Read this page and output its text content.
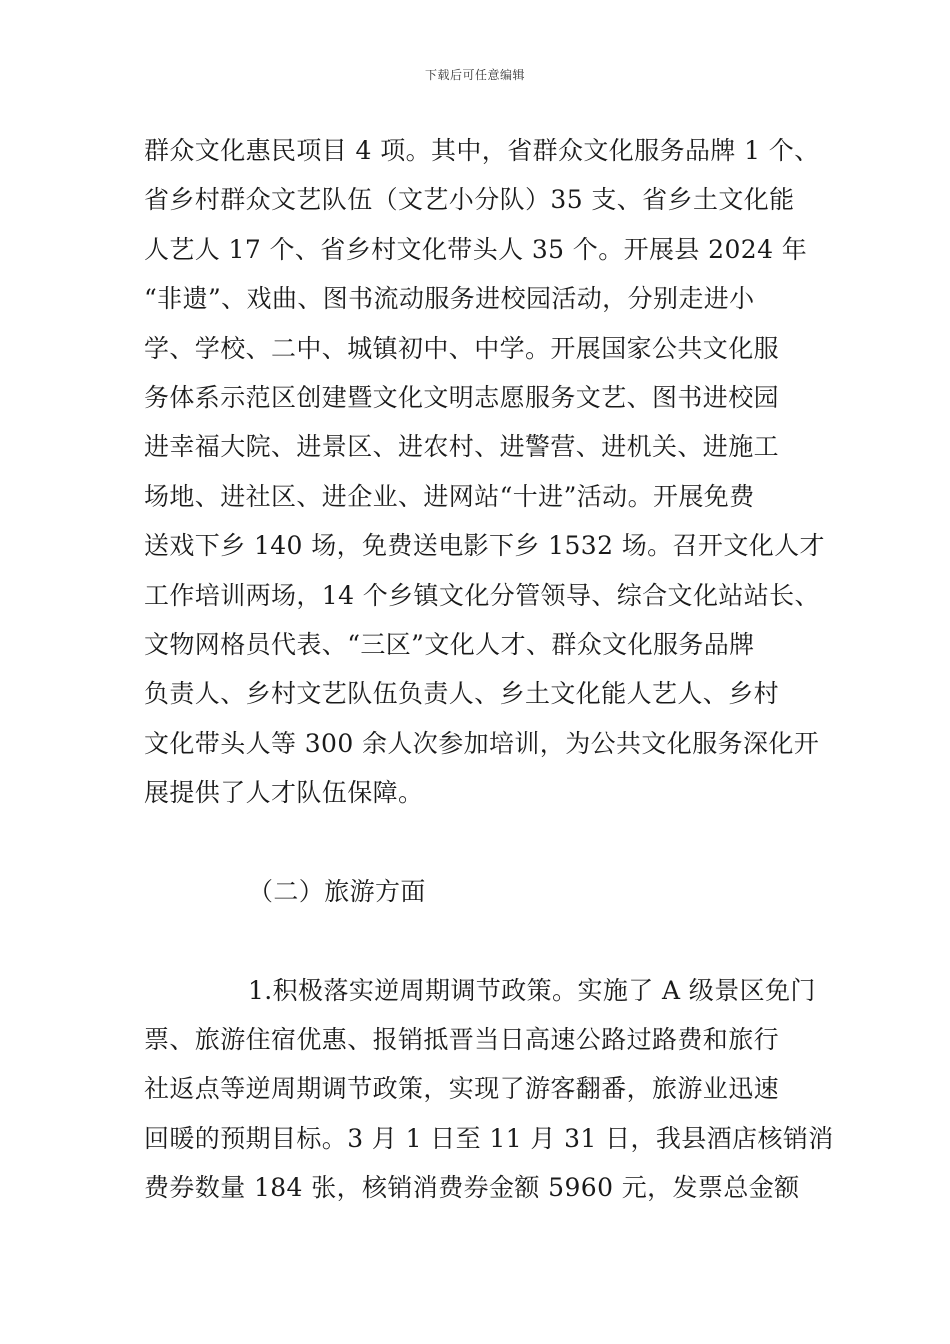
下载后可任意编辑
群众文化惠民项目 4 项。其中，省群众文化服务品牌 1 个、
省乡村群众文艺队伍（文艺小分队）35 支、省乡土文化能
人艺人 17 个、省乡村文化带头人 35 个。开展县 2024 年
“非遗”、戏曲、图书流动服务进校园活动，分别走进小
学、学校、二中、城镇初中、中学。开展国家公共文化服
务体系示范区创建暨文化文明志愿服务文艺、图书进校园
进幸福大院、进景区、进农村、进警营、进机关、进施工
场地、进社区、进企业、进网站“十进”活动。开展免费
送戏下乡 140 场，免费送电影下乡 1532 场。召开文化人才
工作培训两场，14 个乡镇文化分管领导、综合文化站站长、
文物网格员代表、“三区”文化人才、群众文化服务品牌
负责人、乡村文艺队伍负责人、乡土文化能人艺人、乡村
文化带头人等 300 余人次参加培训，为公共文化服务深化开
展提供了人才队伍保障。
（二）旅游方面
1.积极落实逆周期调节政策。实施了 A 级景区免门
票、旅游住宿优惠、报销抵晋当日高速公路过路费和旅行
社返点等逆周期调节政策，实现了游客翻番，旅游业迅速
回暖的预期目标。3 月 1 日至 11 月 31 日，我县酒店核销消
费券数量 184 张，核销消费券金额 5960 元，发票总金额
